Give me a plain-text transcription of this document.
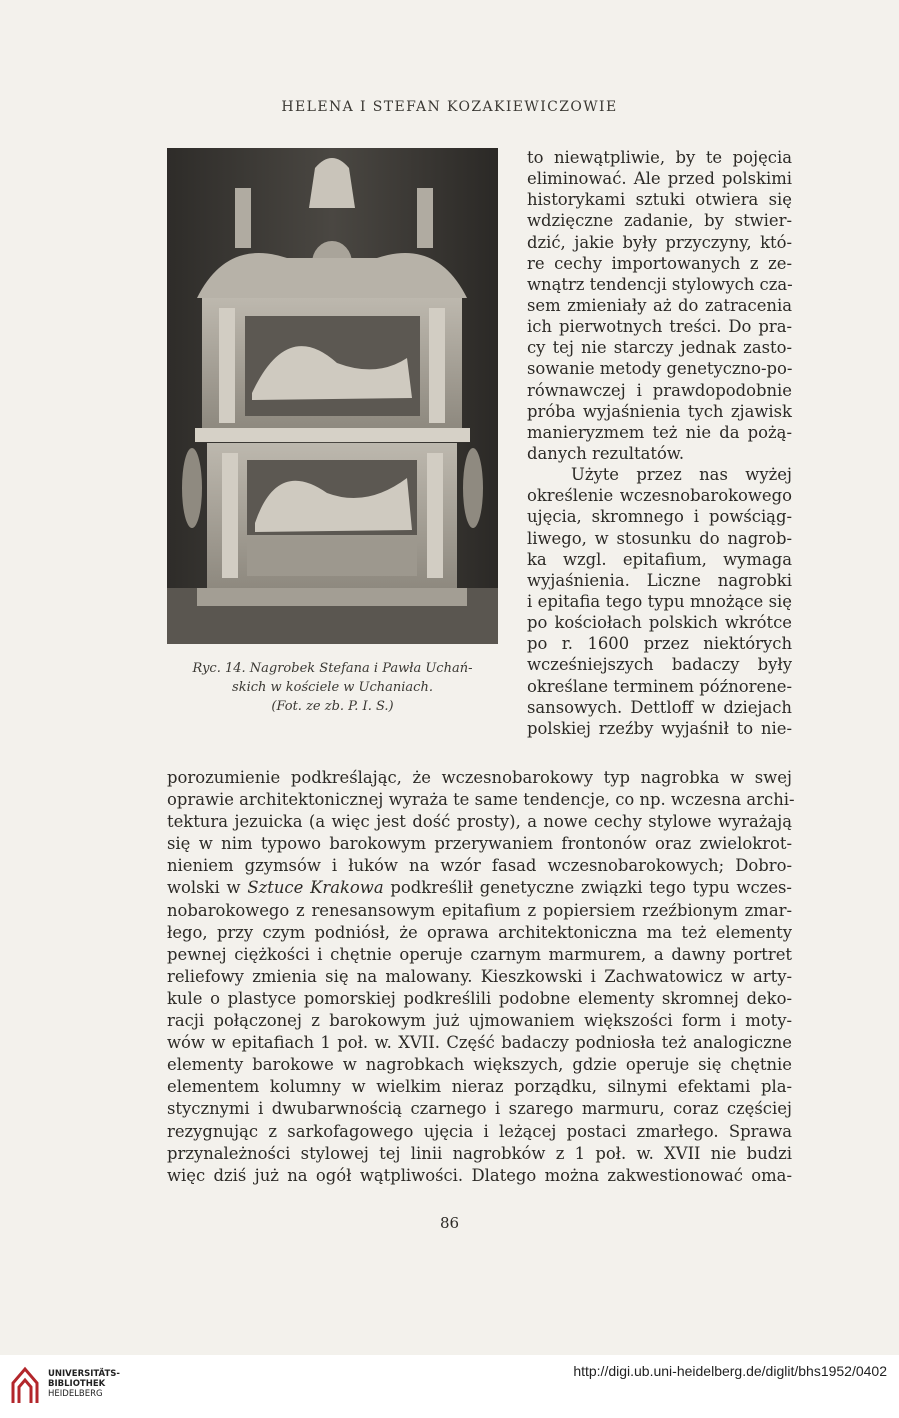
HELENA I STEFAN KOZAKIEWICZOWIE
Ryc. 14. Nagrobek Stefana i Pawła Uchań-
skich w kościele w Uchaniach.
(Fot. ze zb. P. I. S.)
to niewątpliwie, by te pojęcia
eliminować. Ale przed polskimi
historykami sztuki otwiera się
wdzięczne zadanie, by stwier-
dzić, jakie były przyczyny, któ-
re cechy importowanych z ze-
wnątrz tendencji stylowych cza-
sem zmieniały aż do zatracenia
ich pierwotnych treści. Do pra-
cy tej nie starczy jednak zasto-
sowanie metody genetyczno-po-
równawczej i prawdopodobnie
próba wyjaśnienia tych zjawisk
manieryzmem też nie da pożą-
danych rezultatów.
Użyte przez nas wyżej
określenie wczesnobarokowego
ujęcia, skromnego i powściąg-
liwego, w stosunku do nagrob-
ka wzgl. epitafium, wymaga
wyjaśnienia. Liczne nagrobki
i epitafia tego typu mnożące się
po kościołach polskich wkrótce
po r. 1600 przez niektórych
wcześniejszych badaczy były
określane terminem późnorene-
sansowych. Dettloff w dziejach
polskiej rzeźby wyjaśnił to nie-
porozumienie podkreślając, że wczesnobarokowy typ nagrobka w swej
oprawie architektonicznej wyraża te same tendencje, co np. wczesna archi-
tektura jezuicka (a więc jest dość prosty), a nowe cechy stylowe wyrażają
się w nim typowo barokowym przerywaniem frontonów oraz zwielokrot-
nieniem gzymsów i łuków na wzór fasad wczesnobarokowych; Dobro-
wolski w Sztuce Krakowa podkreślił genetyczne związki tego typu wczes-
nobarokowego z renesansowym epitafium z popiersiem rzeźbionym zmar-
łego, przy czym podniósł, że oprawa architektoniczna ma też elementy
pewnej ciężkości i chętnie operuje czarnym marmurem, a dawny portret
reliefowy zmienia się na malowany. Kieszkowski i Zachwatowicz w arty-
kule o plastyce pomorskiej podkreślili podobne elementy skromnej deko-
racji połączonej z barokowym już ujmowaniem większości form i moty-
wów w epitafiach 1 poł. w. XVII. Część badaczy podniosła też analogiczne
elementy barokowe w nagrobkach większych, gdzie operuje się chętnie
elementem kolumny w wielkim nieraz porządku, silnymi efektami pla-
stycznymi i dwubarwnością czarnego i szarego marmuru, coraz częściej
rezygnując z sarkofagowego ujęcia i leżącej postaci zmarłego. Sprawa
przynależności stylowej tej linii nagrobków z 1 poł. w. XVII nie budzi
więc dziś już na ogół wątpliwości. Dlatego można zakwestionować oma-
86
UNIVERSITÄTS-
BIBLIOTHEK
HEIDELBERG
http://digi.ub.uni-heidelberg.de/diglit/bhs1952/0402
